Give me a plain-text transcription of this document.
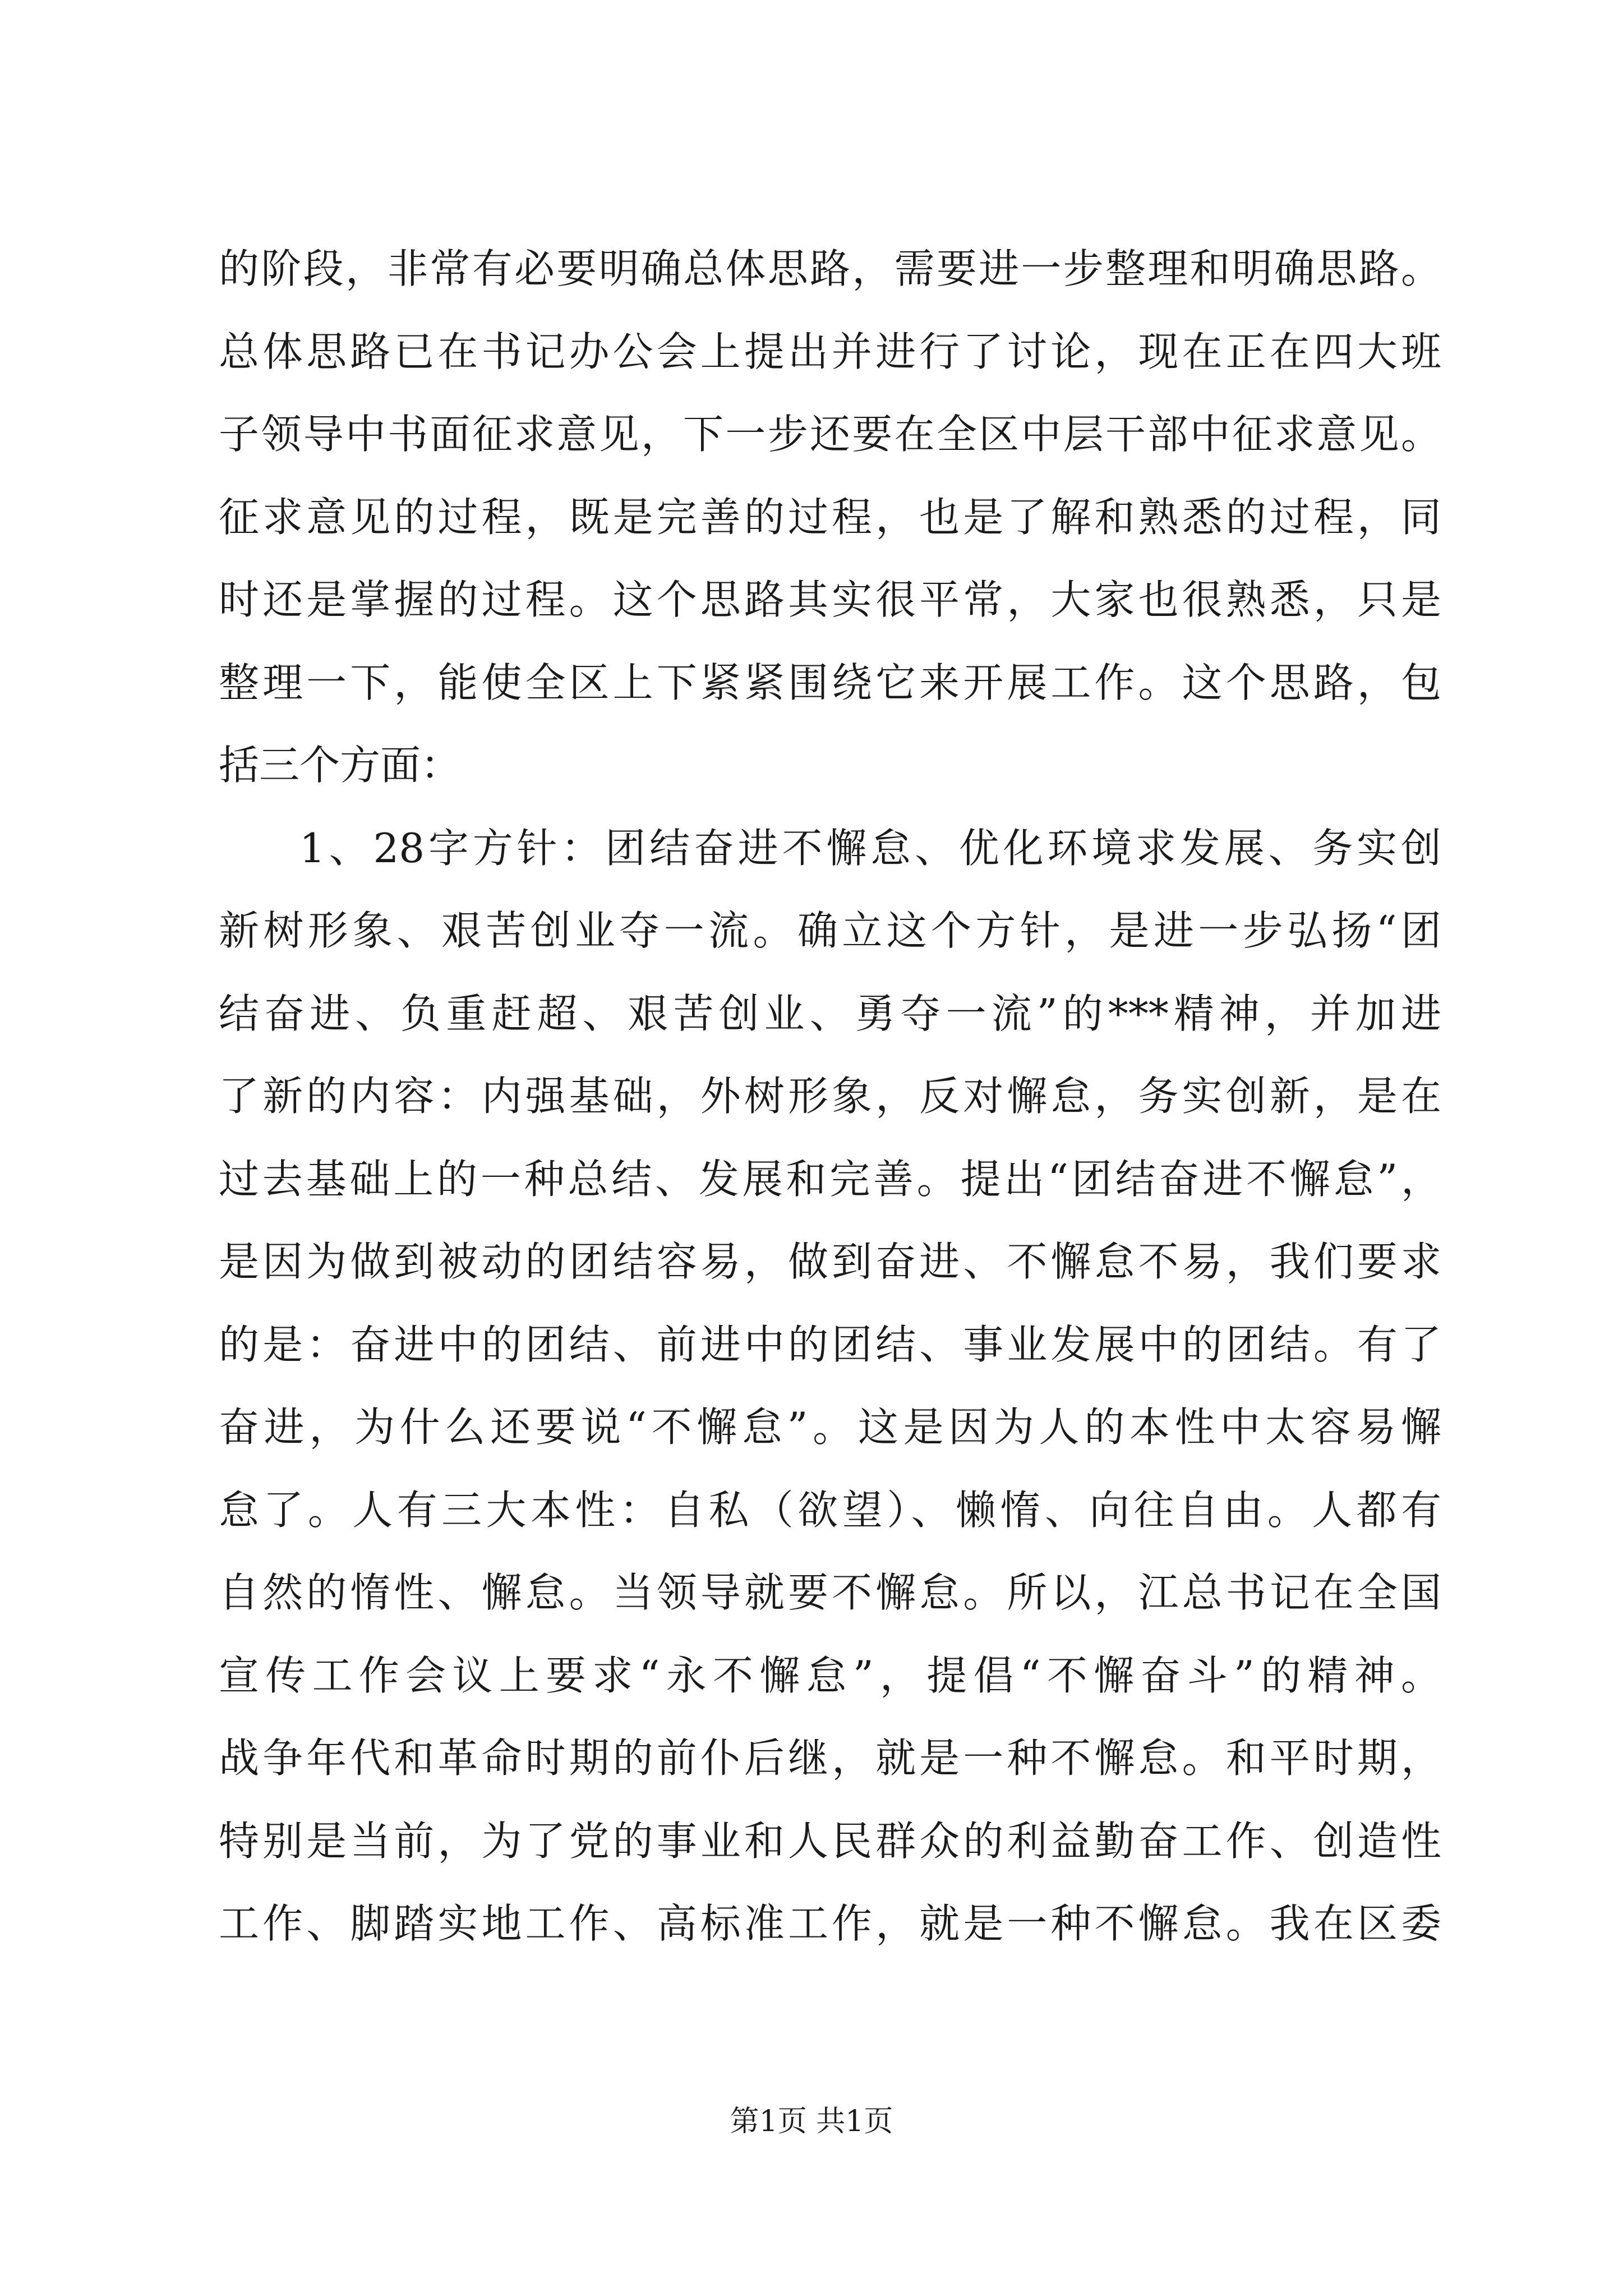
的阶段，非常有必要明确总体思路，需要进一步整理和明确思路。
总体思路已在书记办公会上提出并进行了讨论，现在正在四大班
子领导中书面征求意见，下一步还要在全区中层干部中征求意见。
征求意见的过程，既是完善的过程，也是了解和熟悉的过程，同
时还是掌握的过程。这个思路其实很平常，大家也很熟悉，只是
整理一下，能使全区上下紧紧围绕它来开展工作。这个思路，包
括三个方面：
1、28字方针：团结奋进不懈怠、优化环境求发展、务实创
新树形象、艰苦创业夺一流。确立这个方针，是进一步弘扬“团
结奋进、负重赶超、艰苦创业、勇夺一流”的***精神，并加进
了新的内容：内强基础，外树形象，反对懈怠，务实创新，是在
过去基础上的一种总结、发展和完善。提出“团结奋进不懈怠”，
是因为做到被动的团结容易，做到奋进、不懈怠不易，我们要求
的是：奋进中的团结、前进中的团结、事业发展中的团结。有了
奋进，为什么还要说“不懈怠”。这是因为人的本性中太容易懈
怠了。人有三大本性：自私（欲望）、懒惰、向往自由。人都有
自然的惰性、懈怠。当领导就要不懈怠。所以，江总书记在全国
宣传工作会议上要求“永不懈怠”，提倡“不懈奋斗”的精神。
战争年代和革命时期的前仆后继，就是一种不懈怠。和平时期，
特别是当前，为了党的事业和人民群众的利益勤奋工作、创造性
工作、脚踏实地工作、高标准工作，就是一种不懈怠。我在区委
第1页 共1页
